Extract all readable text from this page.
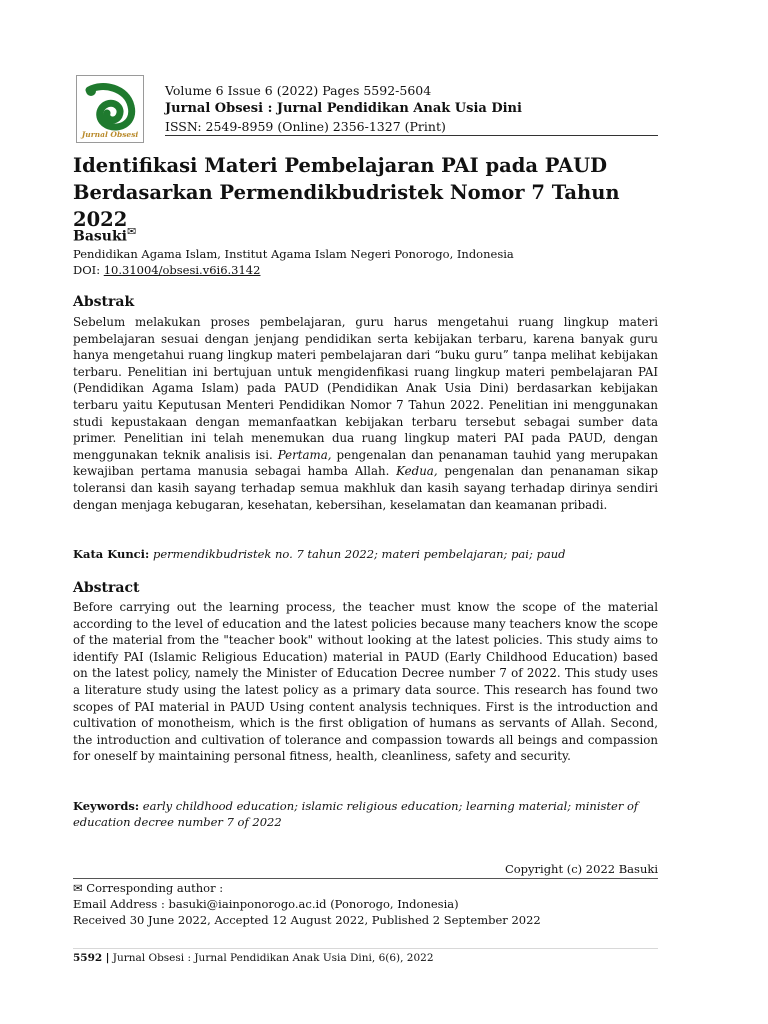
Jurnal Obsesi
Volume 6 Issue 6 (2022) Pages 5592-5604
Jurnal Obsesi : Jurnal Pendidikan Anak Usia Dini
ISSN: 2549-8959 (Online) 2356-1327 (Print)
Identifikasi Materi Pembelajaran PAI pada PAUD
Berdasarkan Permendikbudristek Nomor 7 Tahun 2022
Basuki✉
Pendidikan Agama Islam, Institut Agama Islam Negeri Ponorogo, Indonesia
DOI: 10.31004/obsesi.v6i6.3142
Abstrak
Sebelum melakukan proses pembelajaran, guru harus mengetahui ruang lingkup materi pembelajaran sesuai dengan jenjang pendidikan serta kebijakan terbaru, karena banyak guru hanya mengetahui ruang lingkup materi pembelajaran dari “buku guru” tanpa melihat kebijakan terbaru. Penelitian ini bertujuan untuk mengidenfikasi ruang lingkup materi pembelajaran PAI (Pendidikan Agama Islam) pada PAUD (Pendidikan Anak Usia Dini) berdasarkan kebijakan terbaru yaitu Keputusan Menteri Pendidikan Nomor 7 Tahun 2022. Penelitian ini menggunakan studi kepustakaan dengan memanfaatkan kebijakan terbaru tersebut sebagai sumber data primer. Penelitian ini telah menemukan dua ruang lingkup materi PAI pada PAUD, dengan menggunakan teknik analisis isi. Pertama, pengenalan dan penanaman tauhid yang merupakan kewajiban pertama manusia sebagai hamba Allah. Kedua, pengenalan dan penanaman sikap toleransi dan kasih sayang terhadap semua makhluk dan kasih sayang terhadap dirinya sendiri dengan menjaga kebugaran, kesehatan, kebersihan, keselamatan dan keamanan pribadi.
Kata Kunci: permendikbudristek no. 7 tahun 2022; materi pembelajaran; pai; paud
Abstract
Before carrying out the learning process, the teacher must know the scope of the material according to the level of education and the latest policies because many teachers know the scope of the material from the "teacher book" without looking at the latest policies. This study aims to identify PAI (Islamic Religious Education) material in PAUD (Early Childhood Education) based on the latest policy, namely the Minister of Education Decree number 7 of 2022. This study uses a literature study using the latest policy as a primary data source. This research has found two scopes of PAI material in PAUD Using content analysis techniques. First is the introduction and cultivation of monotheism, which is the first obligation of humans as servants of Allah. Second, the introduction and cultivation of tolerance and compassion towards all beings and compassion for oneself by maintaining personal fitness, health, cleanliness, safety and security.
Keywords: early childhood education; islamic religious education; learning material; minister of education decree number 7 of 2022
Copyright (c) 2022 Basuki
✉ Corresponding author :
Email Address : basuki@iainponorogo.ac.id (Ponorogo, Indonesia)
Received 30 June 2022, Accepted 12 August 2022, Published 2 September 2022
5592 | Jurnal Obsesi : Jurnal Pendidikan Anak Usia Dini, 6(6), 2022
